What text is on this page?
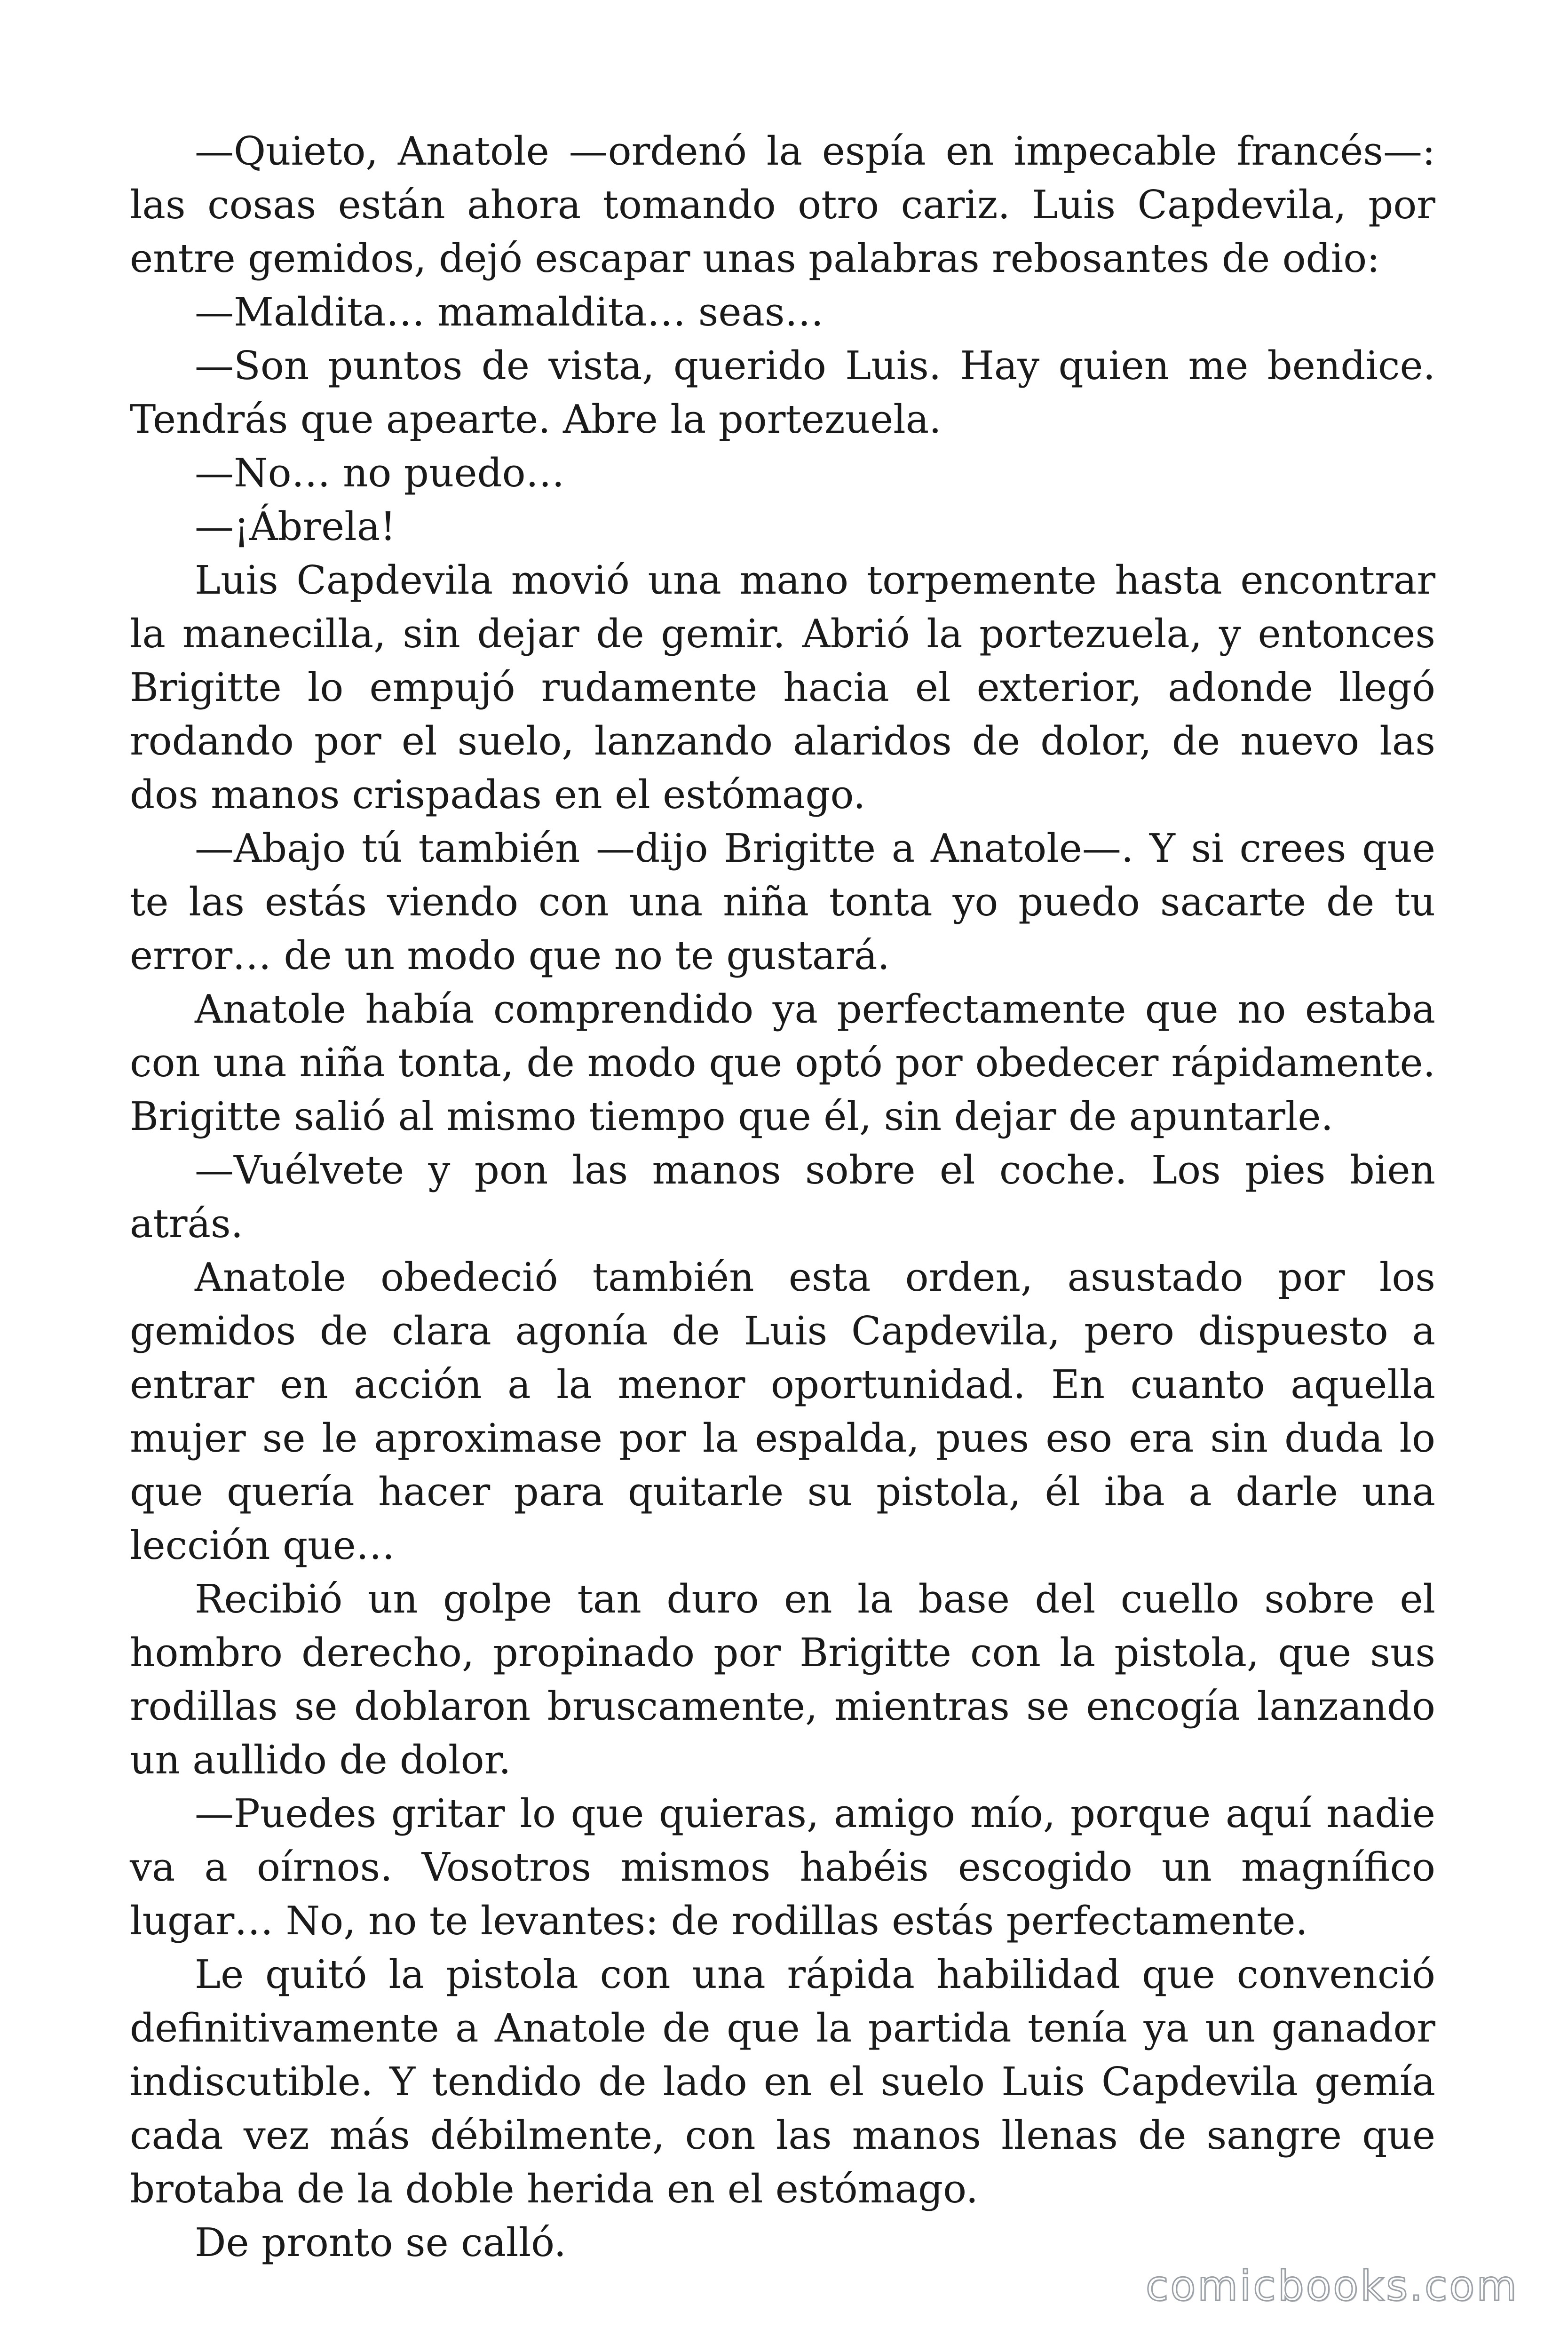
—Quieto, Anatole —ordenó la espía en impecable francés—: las cosas están ahora tomando otro cariz. Luis Capdevila, por entre gemidos, dejó escapar unas palabras rebosantes de odio:

—Maldita… mamaldita… seas…

—Son puntos de vista, querido Luis. Hay quien me bendice. Tendrás que apearte. Abre la portezuela.

—No… no puedo…

—¡Ábrela!

Luis Capdevila movió una mano torpemente hasta encontrar la manecilla, sin dejar de gemir. Abrió la portezuela, y entonces Brigitte lo empujó rudamente hacia el exterior, adonde llegó rodando por el suelo, lanzando alaridos de dolor, de nuevo las dos manos crispadas en el estómago.

—Abajo tú también —dijo Brigitte a Anatole—. Y si crees que te las estás viendo con una niña tonta yo puedo sacarte de tu error… de un modo que no te gustará.

Anatole había comprendido ya perfectamente que no estaba con una niña tonta, de modo que optó por obedecer rápidamente. Brigitte salió al mismo tiempo que él, sin dejar de apuntarle.

—Vuélvete y pon las manos sobre el coche. Los pies bien atrás.

Anatole obedeció también esta orden, asustado por los gemidos de clara agonía de Luis Capdevila, pero dispuesto a entrar en acción a la menor oportunidad. En cuanto aquella mujer se le aproximase por la espalda, pues eso era sin duda lo que quería hacer para quitarle su pistola, él iba a darle una lección que…

Recibió un golpe tan duro en la base del cuello sobre el hombro derecho, propinado por Brigitte con la pistola, que sus rodillas se doblaron bruscamente, mientras se encogía lanzando un aullido de dolor.

—Puedes gritar lo que quieras, amigo mío, porque aquí nadie va a oírnos. Vosotros mismos habéis escogido un magnífico lugar… No, no te levantes: de rodillas estás perfectamente.

Le quitó la pistola con una rápida habilidad que convenció definitivamente a Anatole de que la partida tenía ya un ganador indiscutible. Y tendido de lado en el suelo Luis Capdevila gemía cada vez más débilmente, con las manos llenas de sangre que brotaba de la doble herida en el estómago.

De pronto se calló.

comicbooks.com
